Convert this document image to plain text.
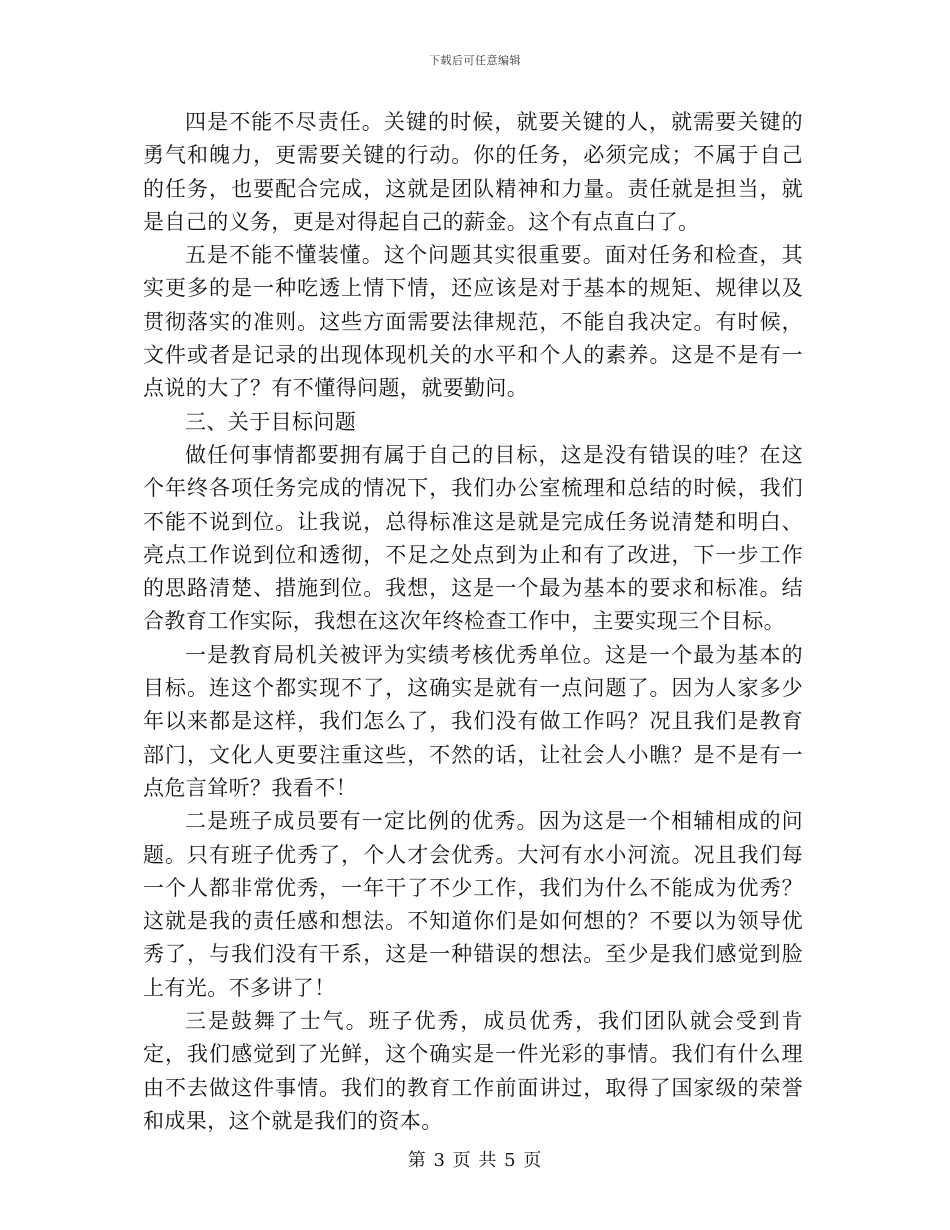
下载后可任意编辑

四是不能不尽责任。关键的时候，就要关键的人，就需要关键的勇气和魄力，更需要关键的行动。你的任务，必须完成；不属于自己的任务，也要配合完成，这就是团队精神和力量。责任就是担当，就是自己的义务，更是对得起自己的薪金。这个有点直白了。

五是不能不懂装懂。这个问题其实很重要。面对任务和检查，其实更多的是一种吃透上情下情，还应该是对于基本的规矩、规律以及贯彻落实的准则。这些方面需要法律规范，不能自我决定。有时候，文件或者是记录的出现体现机关的水平和个人的素养。这是不是有一点说的大了？有不懂得问题，就要勤问。

三、关于目标问题

做任何事情都要拥有属于自己的目标，这是没有错误的哇？在这个年终各项任务完成的情况下，我们办公室梳理和总结的时候，我们不能不说到位。让我说，总得标准这是就是完成任务说清楚和明白、亮点工作说到位和透彻，不足之处点到为止和有了改进，下一步工作的思路清楚、措施到位。我想，这是一个最为基本的要求和标准。结合教育工作实际，我想在这次年终检查工作中，主要实现三个目标。

一是教育局机关被评为实绩考核优秀单位。这是一个最为基本的目标。连这个都实现不了，这确实是就有一点问题了。因为人家多少年以来都是这样，我们怎么了，我们没有做工作吗？况且我们是教育部门，文化人更要注重这些，不然的话，让社会人小瞧？是不是有一点危言耸听？我看不！

二是班子成员要有一定比例的优秀。因为这是一个相辅相成的问题。只有班子优秀了，个人才会优秀。大河有水小河流。况且我们每一个人都非常优秀，一年干了不少工作，我们为什么不能成为优秀？这就是我的责任感和想法。不知道你们是如何想的？不要以为领导优秀了，与我们没有干系，这是一种错误的想法。至少是我们感觉到脸上有光。不多讲了！

三是鼓舞了士气。班子优秀，成员优秀，我们团队就会受到肯定，我们感觉到了光鲜，这个确实是一件光彩的事情。我们有什么理由不去做这件事情。我们的教育工作前面讲过，取得了国家级的荣誉和成果，这个就是我们的资本。

第 3 页 共 5 页
